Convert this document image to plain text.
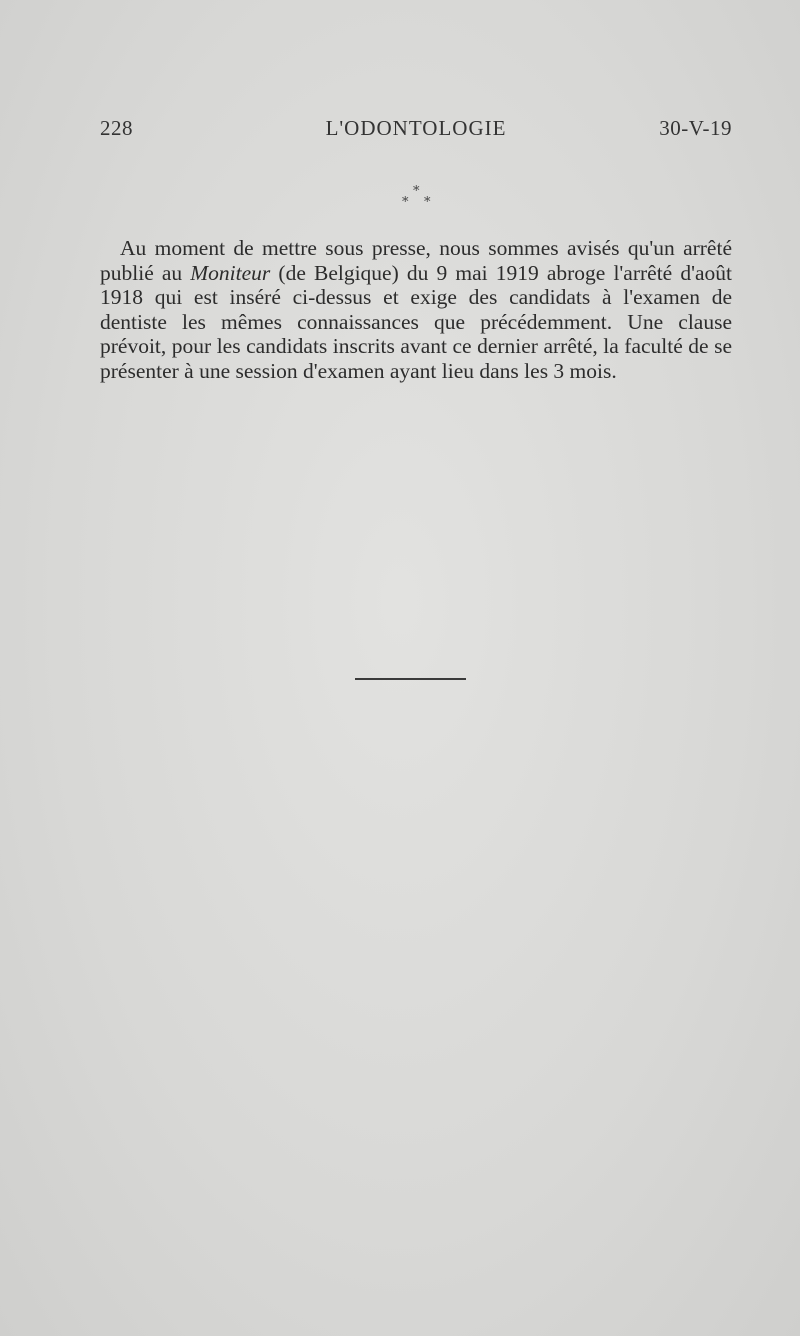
228	L'ODONTOLOGIE	30-V-19
*
* *

Au moment de mettre sous presse, nous sommes avisés qu'un arrêté publié au Moniteur (de Belgique) du 9 mai 1919 abroge l'arrêté d'août 1918 qui est inséré ci-dessus et exige des candidats à l'examen de dentiste les mêmes connaissances que précédemment. Une clause prévoit, pour les candidats inscrits avant ce dernier arrêté, la faculté de se présenter à une session d'examen ayant lieu dans les 3 mois.
